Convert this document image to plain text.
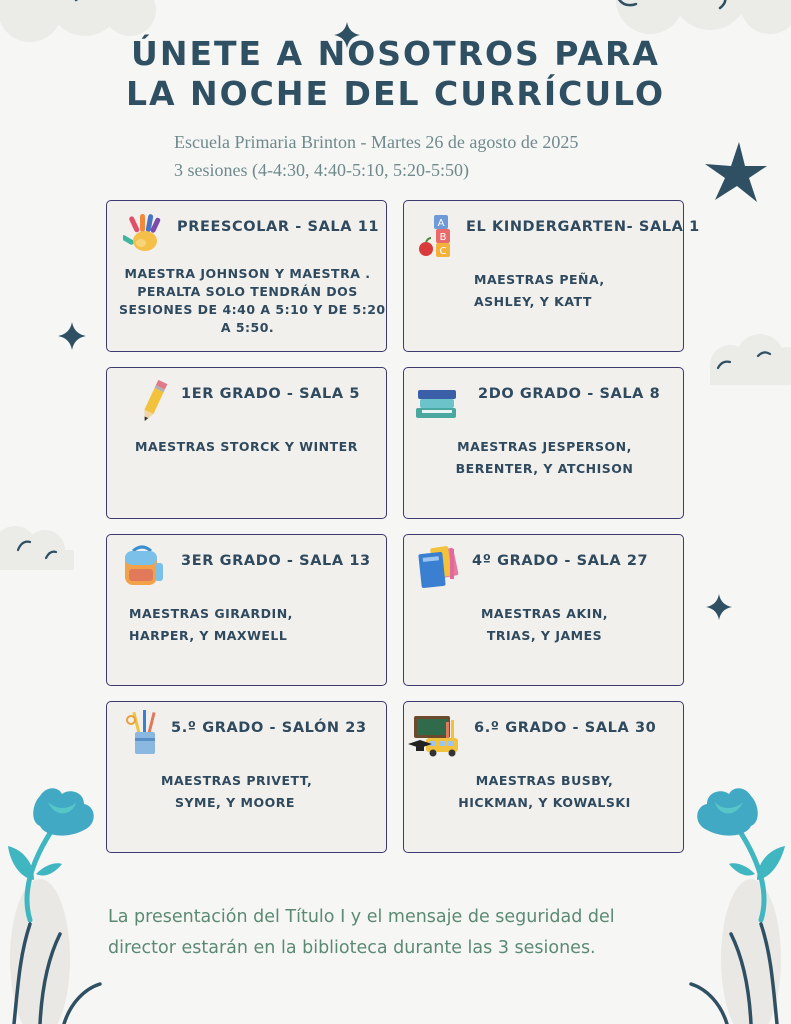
ÚNETE A NOSOTROS PARA
LA NOCHE DEL CURRÍCULO
Escuela Primaria Brinton - Martes 26 de agosto de 2025
3 sesiones (4-4:30, 4:40-5:10, 5:20-5:50)
PREESCOLAR - SALA 11
MAESTRA JOHNSON Y MAESTRA .
PERALTA SOLO TENDRÁN DOS
SESIONES DE 4:40 A 5:10 Y DE 5:20
A 5:50.
A
B
C
EL KINDERGARTEN- SALA 1
MAESTRAS PEÑA,
ASHLEY, Y KATT
1ER GRADO - SALA 5
MAESTRAS STORCK Y WINTER
2DO GRADO - SALA 8
MAESTRAS JESPERSON,
BERENTER, Y ATCHISON
3ER GRADO - SALA 13
MAESTRAS GIRARDIN,
HARPER, Y MAXWELL
4º GRADO - SALA 27
MAESTRAS AKIN,
TRIAS, Y JAMES
5.º GRADO - SALÓN 23
MAESTRAS PRIVETT,
SYME, Y MOORE
6.º GRADO - SALA 30
MAESTRAS BUSBY,
HICKMAN, Y KOWALSKI
La presentación del Título I y el mensaje de seguridad del
director estarán en la biblioteca durante las 3 sesiones.
